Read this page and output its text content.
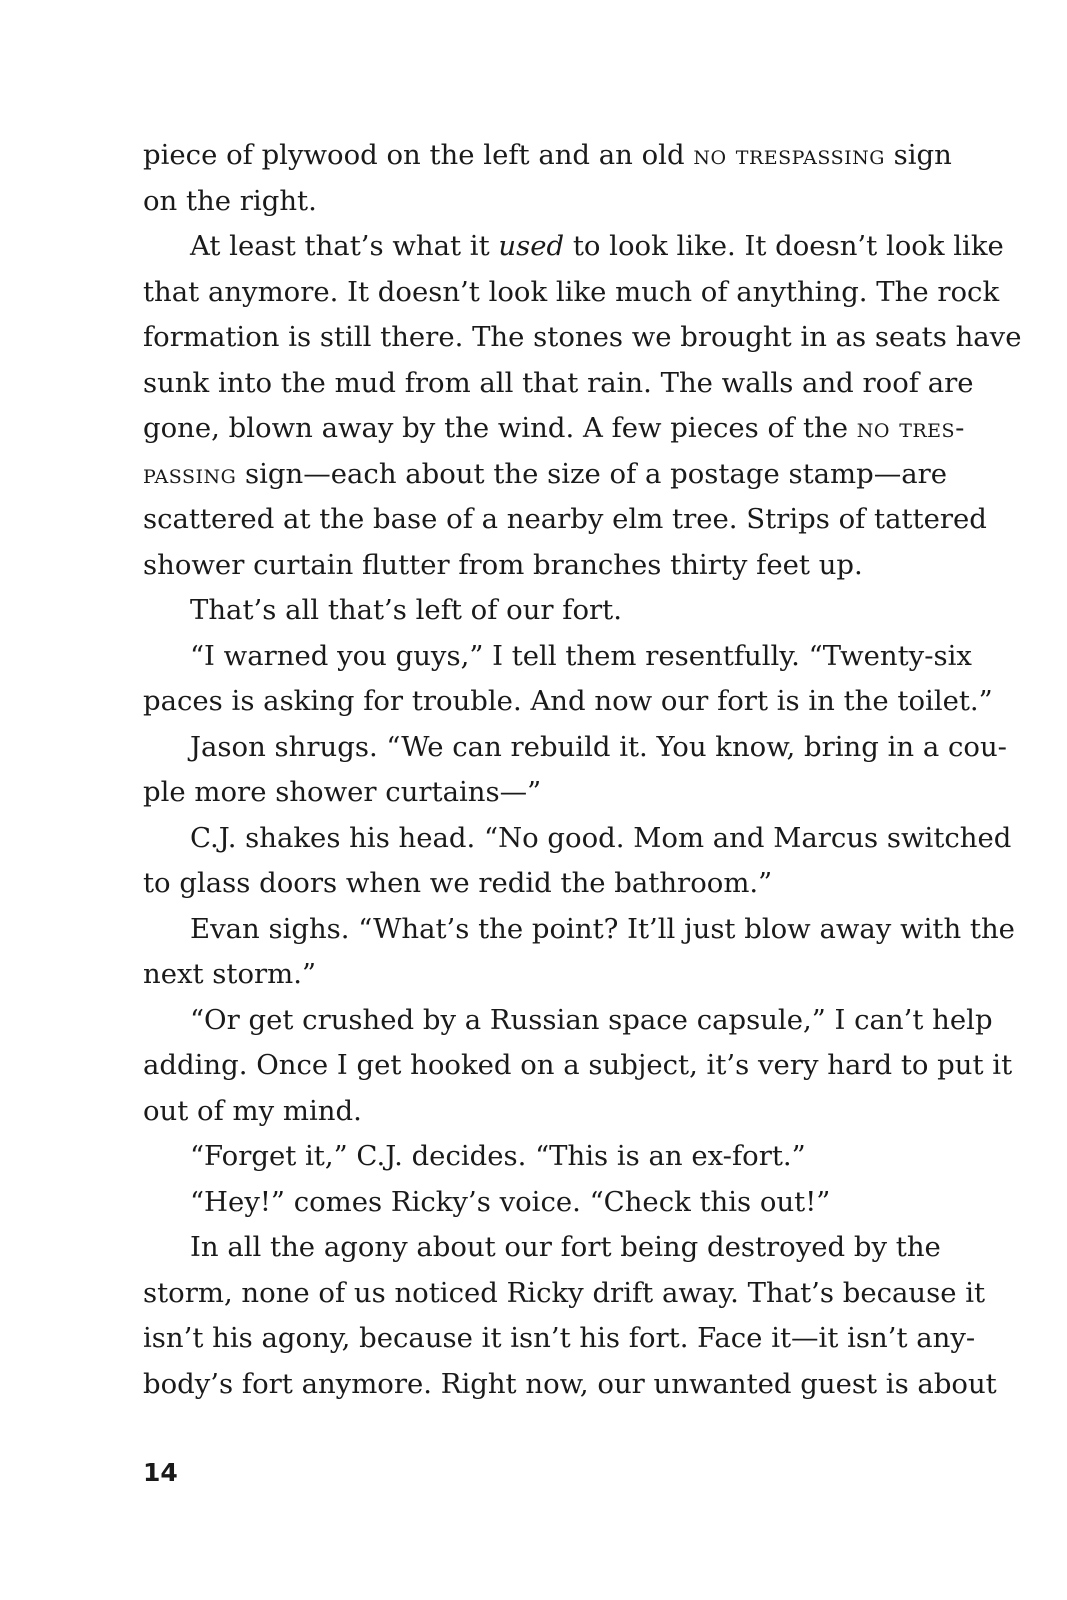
piece of plywood on the left and an old no trespassing sign
on the right.
At least that’s what it used to look like. It doesn’t look like
that anymore. It doesn’t look like much of anything. The rock
formation is still there. The stones we brought in as seats have
sunk into the mud from all that rain. The walls and roof are
gone, blown away by the wind. A few pieces of the no tres-
passing sign—each about the size of a postage stamp—are
scattered at the base of a nearby elm tree. Strips of tattered
shower curtain flutter from branches thirty feet up.
That’s all that’s left of our fort.
“I warned you guys,” I tell them resentfully. “Twenty-six
paces is asking for trouble. And now our fort is in the toilet.”
Jason shrugs. “We can rebuild it. You know, bring in a cou-
ple more shower curtains—”
C.J. shakes his head. “No good. Mom and Marcus switched
to glass doors when we redid the bathroom.”
Evan sighs. “What’s the point? It’ll just blow away with the
next storm.”
“Or get crushed by a Russian space capsule,” I can’t help
adding. Once I get hooked on a subject, it’s very hard to put it
out of my mind.
“Forget it,” C.J. decides. “This is an ex-fort.”
“Hey!” comes Ricky’s voice. “Check this out!”
In all the agony about our fort being destroyed by the
storm, none of us noticed Ricky drift away. That’s because it
isn’t his agony, because it isn’t his fort. Face it—it isn’t any-
body’s fort anymore. Right now, our unwanted guest is about
14
